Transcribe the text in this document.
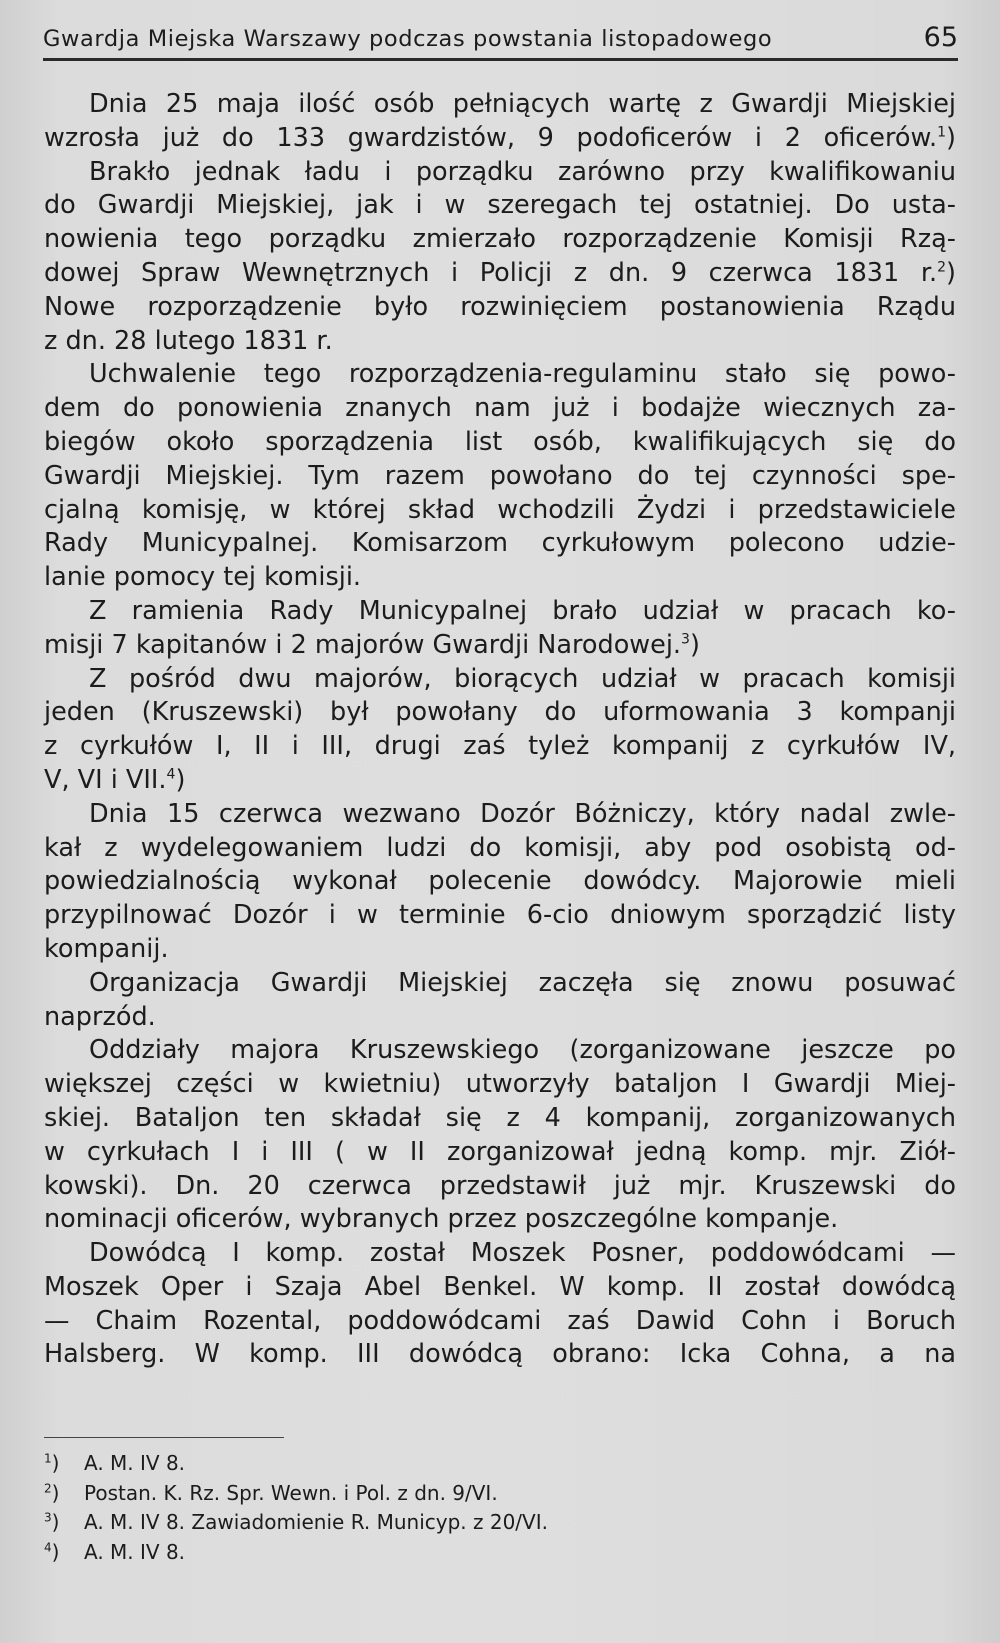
Gwardja Miejska Warszawy podczas powstania listopadowego	65
Dnia 25 maja ilość osób pełniących wartę z Gwardji Miejskiej
wzrosła już do 133 gwardzistów, 9 podoficerów i 2 oficerów.$^1$)
Brakło jednak ładu i porządku zarówno przy kwalifikowaniu
do Gwardji Miejskiej, jak i w szeregach tej ostatniej. Do usta-
nowienia tego porządku zmierzało rozporządzenie Komisji Rzą-
dowej Spraw Wewnętrznych i Policji z dn. 9 czerwca 1831 r.$^2$)
Nowe rozporządzenie było rozwinięciem postanowienia Rządu
z dn. 28 lutego 1831 r.
Uchwalenie tego rozporządzenia-regulaminu stało się powo-
dem do ponowienia znanych nam już i bodajże wiecznych za-
biegów około sporządzenia list osób, kwalifikujących się do
Gwardji Miejskiej. Tym razem powołano do tej czynności spe-
cjalną komisję, w której skład wchodzili Żydzi i przedstawiciele
Rady Municypalnej. Komisarzom cyrkułowym polecono udzie-
lanie pomocy tej komisji.
Z ramienia Rady Municypalnej brało udział w pracach ko-
misji 7 kapitanów i 2 majorów Gwardji Narodowej.$^3$)
Z pośród dwu majorów, biorących udział w pracach komisji
jeden (Kruszewski) był powołany do uformowania 3 kompanji
z cyrkułów I, II i III, drugi zaś tyleż kompanij z cyrkułów IV,
V, VI i VII.$^4$)
Dnia 15 czerwca wezwano Dozór Bóżniczy, który nadal zwle-
kał z wydelegowaniem ludzi do komisji, aby pod osobistą od-
powiedzialnością wykonał polecenie dowódcy. Majorowie mieli
przypilnować Dozór i w terminie 6-cio dniowym sporządzić listy
kompanij.
Organizacja Gwardji Miejskiej zaczęła się znowu posuwać
naprzód.
Oddziały majora Kruszewskiego (zorganizowane jeszcze po
większej części w kwietniu) utworzyły bataljon I Gwardji Miej-
skiej. Bataljon ten składał się z 4 kompanij, zorganizowanych
w cyrkułach I i III ( w II zorganizował jedną komp. mjr. Ziół-
kowski). Dn. 20 czerwca przedstawił już mjr. Kruszewski do
nominacji oficerów, wybranych przez poszczególne kompanje.
Dowódcą I komp. został Moszek Posner, poddowódcami —
Moszek Oper i Szaja Abel Benkel. W komp. II został dowódcą
— Chaim Rozental, poddowódcami zaś Dawid Cohn i Boruch
Halsberg. W komp. III dowódcą obrano: Icka Cohna, a na
$^1$) A. M. IV 8.
$^2$) Postan. K. Rz. Spr. Wewn. i Pol. z dn. 9/VI.
$^3$) A. M. IV 8. Zawiadomienie R. Municyp. z 20/VI.
$^4$) A. M. IV 8.
